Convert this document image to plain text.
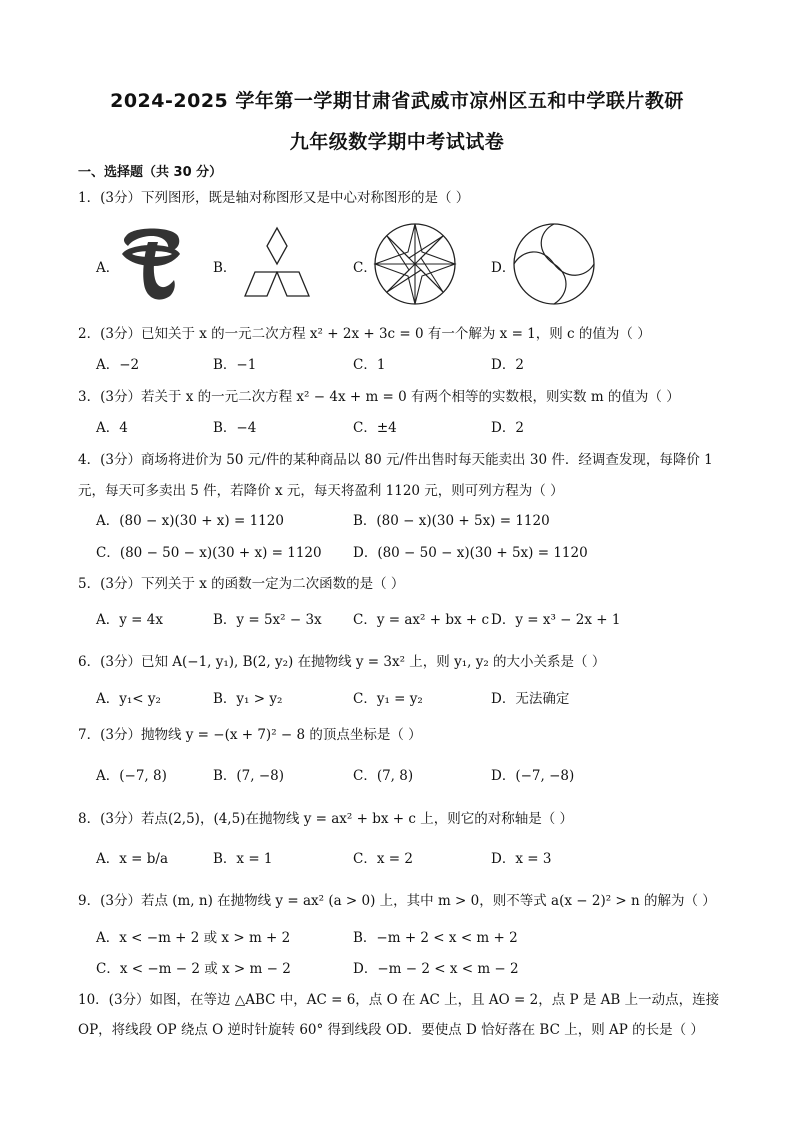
2024-2025 学年第一学期甘肃省武威市凉州区五和中学联片教研
九年级数学期中考试试卷
一、选择题（共 30 分）
1．(3分）下列图形，既是轴对称图形又是中心对称图形的是（ ）
A．	B．	C．	D．
2．(3分）已知关于 x 的一元二次方程 x² + 2x + 3c = 0 有一个解为 x = 1，则 c 的值为（ ）
A．−2	B．−1	C．1	D．2
3．(3分）若关于 x 的一元二次方程 x² − 4x + m = 0 有两个相等的实数根，则实数 m 的值为（ ）
A．4	B．−4	C．±4	D．2
4．(3分）商场将进价为 50 元/件的某种商品以 80 元/件出售时每天能卖出 30 件．经调查发现，每降价 1
元，每天可多卖出 5 件，若降价 x 元，每天将盈利 1120 元，则可列方程为（ ）
A．(80 − x)(30 + x) = 1120	B．(80 − x)(30 + 5x) = 1120
C．(80 − 50 − x)(30 + x) = 1120 D．(80 − 50 − x)(30 + 5x) = 1120
5．(3分）下列关于 x 的函数一定为二次函数的是（ ）
A．y = 4x	B．y = 5x² − 3x C．y = ax² + bx + c D．y = x³ − 2x + 1
6．(3分）已知 A(−1, y₁), B(2, y₂) 在抛物线 y = 3x² 上，则 y₁, y₂ 的大小关系是（ ）
A．y₁< y₂	B．y₁ > y₂	C．y₁ = y₂	D．无法确定
7．(3分）抛物线 y = −(x + 7)² − 8 的顶点坐标是（ ）
A．(−7, 8)	B．(7, −8)	C．(7, 8)	D．(−7, −8)
8．(3分）若点(2,5)，(4,5)在抛物线 y = ax² + bx + c 上，则它的对称轴是（ ）
A．x = b/a	B．x = 1	C．x = 2	D．x = 3
9．(3分）若点 (m, n) 在抛物线 y = ax² (a > 0) 上，其中 m > 0，则不等式 a(x − 2)² > n 的解为（ ）
A．x < −m + 2 或 x > m + 2	B．−m + 2 < x < m + 2
C．x < −m − 2 或 x > m − 2	D．−m − 2 < x < m − 2
10．(3分）如图，在等边 △ABC 中，AC = 6，点 O 在 AC 上，且 AO = 2，点 P 是 AB 上一动点，连接
OP，将线段 OP 绕点 O 逆时针旋转 60° 得到线段 OD．要使点 D 恰好落在 BC 上，则 AP 的长是（ ）
